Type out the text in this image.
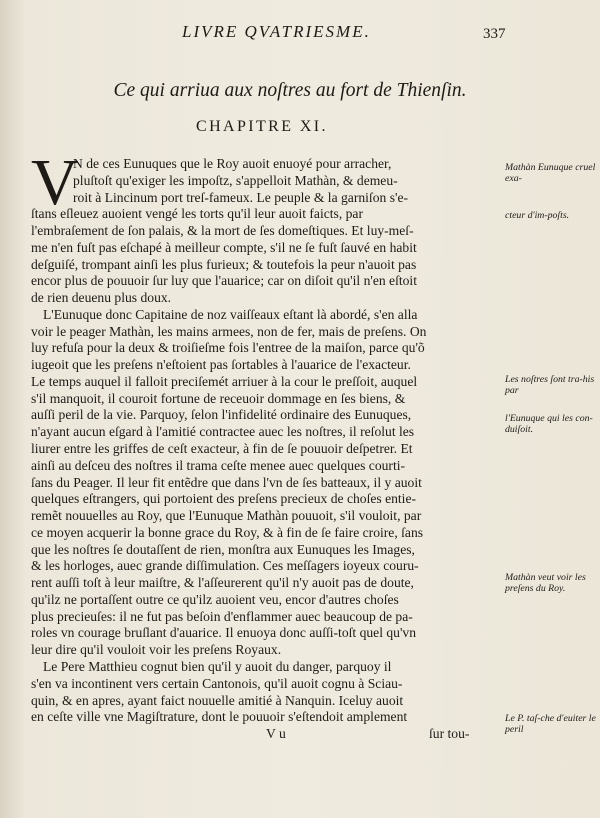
LIVRE QVATRIESME.	337
Ce qui arriua aux noſtres au fort de Thienſin.
CHAPITRE XI.
V
N de ces Eunuques que le Roy auoit enuoyé pour arracher,
pluſtoſt qu'exiger les impoſtz, s'appelloit Mathàn, & demeu-
roit à Lincinum port treſ-fameux. Le peuple & la garniſon s'e-
ſtans eſleuez auoient vengé les torts qu'il leur auoit faicts, par
l'embraſement de ſon palais, & la mort de ſes domeſtiques. Et luy-meſ-
me n'en fuſt pas eſchapé à meilleur compte, s'il ne ſe fuſt ſauvé en habit
deſguiſé, trompant ainſi les plus furieux; & toutefois la peur n'auoit pas
encor plus de pouuoir ſur luy que l'auarice; car on diſoit qu'il n'en eſtoit
de rien deuenu plus doux.
L'Eunuque donc Capitaine de noz vaiſſeaux eſtant là abordé, s'en alla
voir le peager Mathàn, les mains armees, non de fer, mais de preſens. On
luy refuſa pour la deux & troiſieſme fois l'entree de la maiſon, parce qu'õ
iugeoit que les preſens n'eſtoient pas ſortables à l'auarice de l'exacteur.
Le temps auquel il falloit preciſemét arriuer à la cour le preſſoit, auquel
s'il manquoit, il couroit fortune de receuoir dommage en ſes biens, &
auſſi peril de la vie. Parquoy, ſelon l'infidelité ordinaire des Eunuques,
n'ayant aucun eſgard à l'amitié contractee auec les noſtres, il reſolut les
liurer entre les griffes de ceſt exacteur, à fin de ſe pouuoir deſpetrer. Et
ainſi au deſceu des noſtres il trama ceſte menee auec quelques courti-
ſans du Peager. Il leur fit entẽdre que dans l'vn de ſes batteaux, il y auoit
quelques eſtrangers, qui portoient des preſens precieux de choſes entie-
remẽt nouuelles au Roy, que l'Eunuque Mathàn pouuoit, s'il vouloit, par
ce moyen acquerir la bonne grace du Roy, & à fin de ſe faire croire, ſans
que les noſtres ſe doutaſſent de rien, monſtra aux Eunuques les Images,
& les horloges, auec grande diſſimulation. Ces meſſagers ioyeux couru-
rent auſſi toſt à leur maiſtre, & l'aſſeurerent qu'il n'y auoit pas de doute,
qu'ilz ne portaſſent outre ce qu'ilz auoient veu, encor d'autres choſes
plus precieuſes: il ne fut pas beſoin d'enflammer auec beaucoup de pa-
roles vn courage bruſlant d'auarice. Il enuoya donc auſſi-toſt quel qu'vn
leur dire qu'il vouloit voir les preſens Royaux.
Le Pere Matthieu cognut bien qu'il y auoit du danger, parquoy il
s'en va incontinent vers certain Cantonois, qu'il auoit cognu à Sciau-
quin, & en apres, ayant faict nouuelle amitié à Nanquin. Iceluy auoit
en ceſte ville vne Magiſtrature, dont le pouuoir s'eſtendoit amplement
V u	ſur tou-
Mathàn Eunuque cruel exa-
cteur d'im-poſts.
Les noſtres ſont tra-his par
l'Eunuque qui les con-duiſoit.
Mathàn veut voir les preſens du Roy.
Le P. taſ-che d'euiter le peril
